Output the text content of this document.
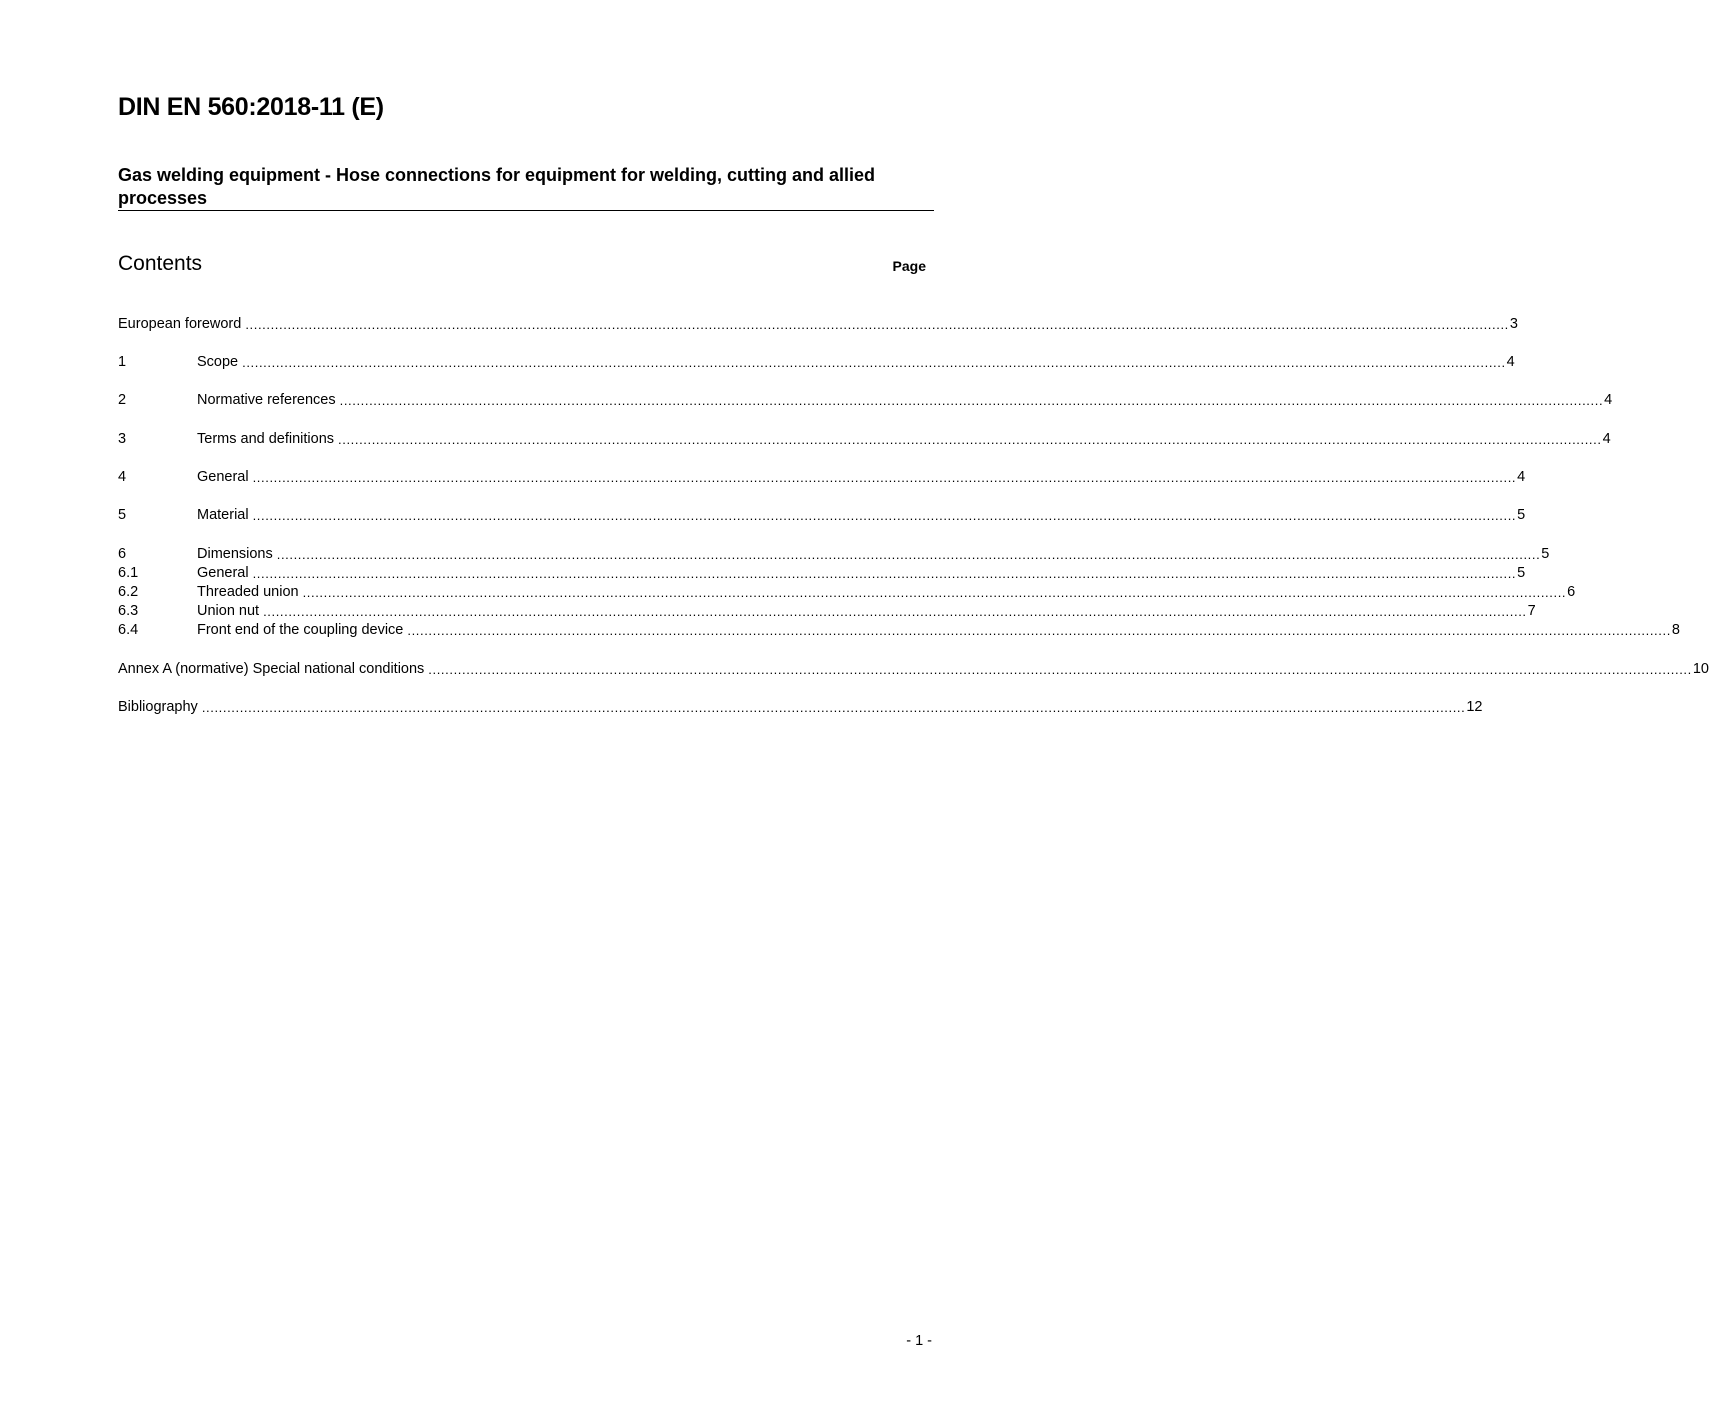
DIN EN 560:2018-11 (E)
Gas welding equipment - Hose connections for equipment for welding, cutting and allied processes
Contents	Page
European foreword ............................................................................................................................................................................................................................................................................................................ 3
1	Scope ............................................................................................................................................................................................................................................................................................................ 4
2	Normative references ............................................................................................................................................................................................................................................................................................................ 4
3	Terms and definitions ............................................................................................................................................................................................................................................................................................................ 4
4	General ............................................................................................................................................................................................................................................................................................................ 4
5	Material ............................................................................................................................................................................................................................................................................................................ 5
6	Dimensions ............................................................................................................................................................................................................................................................................................................ 5
6.1	General ............................................................................................................................................................................................................................................................................................................ 5
6.2	Threaded union ............................................................................................................................................................................................................................................................................................................ 6
6.3	Union nut ............................................................................................................................................................................................................................................................................................................ 7
6.4	Front end of the coupling device ............................................................................................................................................................................................................................................................................................................ 8
Annex A (normative) Special national conditions ............................................................................................................................................................................................................................................................................................................ 10
Bibliography ............................................................................................................................................................................................................................................................................................................ 12
- 1 -
